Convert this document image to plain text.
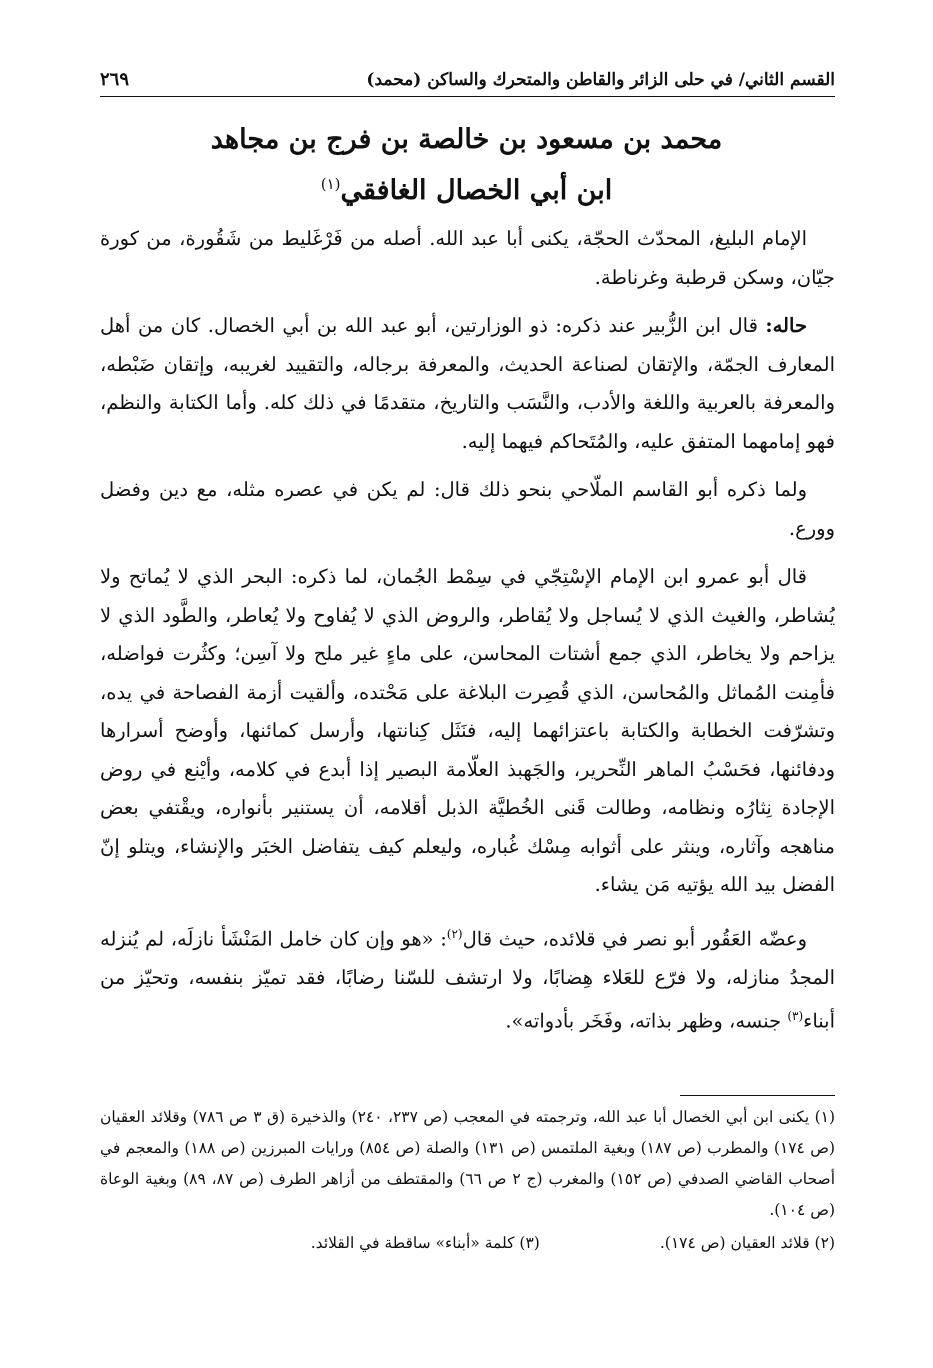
القسم الثاني/ في حلى الزائر والقاطن والمتحرك والساكن (محمد)
٢٦٩
محمد بن مسعود بن خالصة بن فرج بن مجاهد
ابن أبي الخصال الغافقي$^{(١)}$

الإمام البليغ، المحدّث الحجّة، يكنى أبا عبد الله. أصله من فَرْغَليط من شَقُورة، من كورة جيّان، وسكن قرطبة وغرناطة.

حاله: قال ابن الزُّبير عند ذكره: ذو الوزارتين، أبو عبد الله بن أبي الخصال. كان من أهل المعارف الجمّة، والإتقان لصناعة الحديث، والمعرفة برجاله، والتقييد لغريبه، وإتقان ضَبْطه، والمعرفة بالعربية واللغة والأدب، والنَّسَب والتاريخ، متقدمًا في ذلك كله. وأما الكتابة والنظم، فهو إمامهما المتفق عليه، والمُتَحاكم فيهما إليه.

ولما ذكره أبو القاسم الملّاحي بنحو ذلك قال: لم يكن في عصره مثله، مع دين وفضل وورع.

قال أبو عمرو ابن الإمام الإسْتِجّي في سِمْط الجُمان، لما ذكره: البحر الذي لا يُماتح ولا يُشاطر، والغيث الذي لا يُساجل ولا يُقاطر، والروض الذي لا يُفاوح ولا يُعاطر، والطَّود الذي لا يزاحم ولا يخاطر، الذي جمع أشتات المحاسن، على ماءٍ غير ملح ولا آسِن؛ وكثُرت فواضله، فأمِنت المُماثل والمُحاسن، الذي قُصِرت البلاغة على مَحْتده، وألقيت أزمة الفصاحة في يده، وتشرّفت الخطابة والكتابة باعتزائهما إليه، فنَثَل كِنانتها، وأرسل كمائنها، وأوضح أسرارها ودفائنها، فحَسْبُ الماهر النِّحرير، والجَهبذ العلّامة البصير إذا أبدع في كلامه، وأيْنع في روض الإجادة نِثارُه ونظامه، وطالت قَنى الخُطيَّة الذبل أقلامه، أن يستنير بأنواره، ويقْتفي بعض مناهجه وآثاره، وينثر على أثوابه مِسْك غُباره، وليعلم كيف يتفاضل الخبَر والإنشاء، ويتلو إنّ الفضل بيد الله يؤتيه مَن يشاء.

وعضّه العَقُور أبو نصر في قلائده، حيث قال$^{(٢)}$: «هو وإن كان خامل المَنْشَأ نازلَه، لم يُنزله المجدُ منازله، ولا فرّع للعَلاء هِضابًا، ولا ارتشف للسّنا رضابًا، فقد تميّز بنفسه، وتحيّز من أبناء$^{(٣)}$ جنسه، وظهر بذاته، وفَخَر بأدواته».

(١) يكنى ابن أبي الخصال أبا عبد الله، وترجمته في المعجب (ص ٢٣٧، ٢٤٠) والذخيرة (ق ٣ ص ٧٨٦) وقلائد العقيان (ص ١٧٤) والمطرب (ص ١٨٧) وبغية الملتمس (ص ١٣١) والصلة (ص ٨٥٤) ورايات المبرزين (ص ١٨٨) والمعجم في أصحاب القاضي الصدفي (ص ١٥٢) والمغرب (ج ٢ ص ٦٦) والمقتطف من أزاهر الطرف (ص ٨٧، ٨٩) وبغية الوعاة (ص ١٠٤).

(٢) قلائد العقيان (ص ١٧٤).
(٣) كلمة «أبناء» ساقطة في القلائد.
